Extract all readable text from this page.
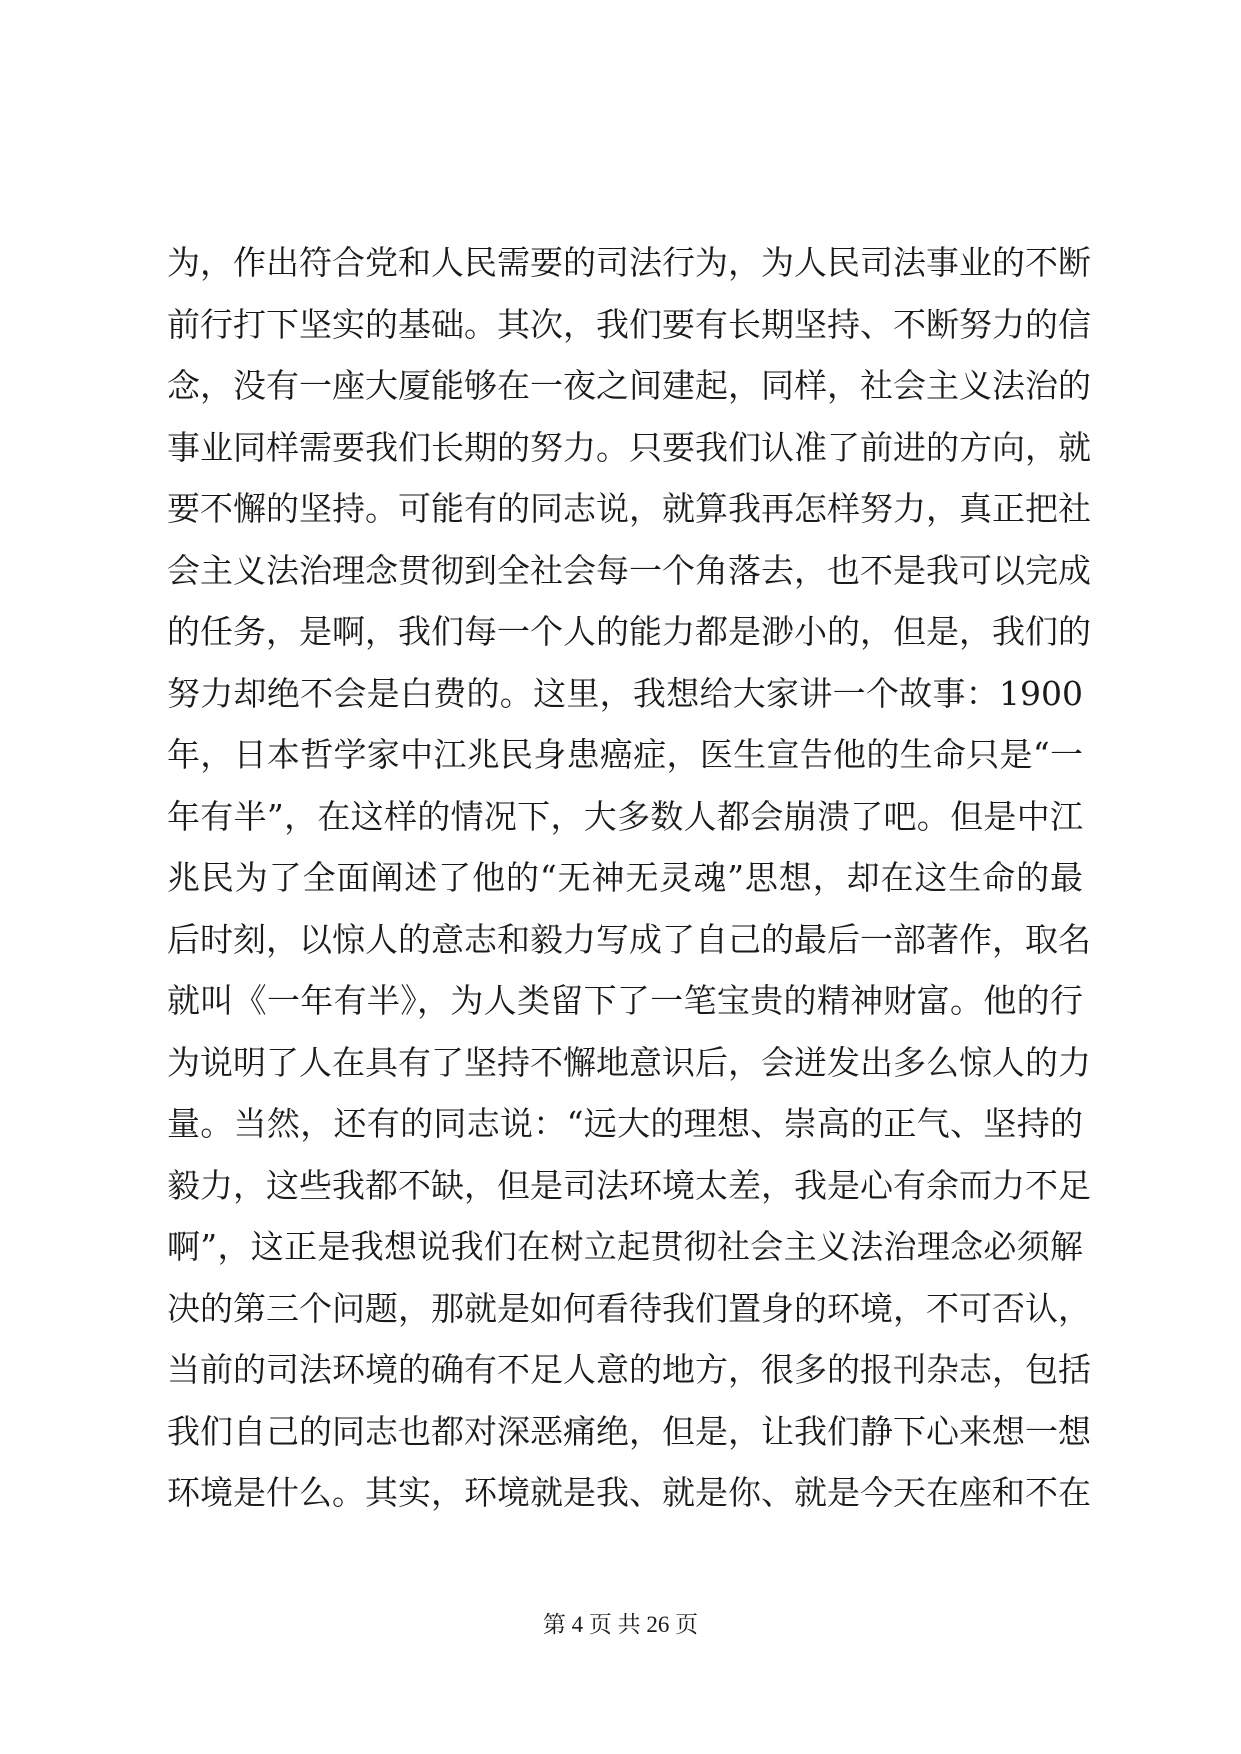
为，作出符合党和人民需要的司法行为，为人民司法事业的不断
前行打下坚实的基础。其次，我们要有长期坚持、不断努力的信
念，没有一座大厦能够在一夜之间建起，同样，社会主义法治的
事业同样需要我们长期的努力。只要我们认准了前进的方向，就
要不懈的坚持。可能有的同志说，就算我再怎样努力，真正把社
会主义法治理念贯彻到全社会每一个角落去，也不是我可以完成
的任务，是啊，我们每一个人的能力都是渺小的，但是，我们的
努力却绝不会是白费的。这里，我想给大家讲一个故事：1900
年，日本哲学家中江兆民身患癌症，医生宣告他的生命只是“一
年有半”，在这样的情况下，大多数人都会崩溃了吧。但是中江
兆民为了全面阐述了他的“无神无灵魂”思想，却在这生命的最
后时刻，以惊人的意志和毅力写成了自己的最后一部著作，取名
就叫《一年有半》，为人类留下了一笔宝贵的精神财富。他的行
为说明了人在具有了坚持不懈地意识后，会迸发出多么惊人的力
量。当然，还有的同志说：“远大的理想、崇高的正气、坚持的
毅力，这些我都不缺，但是司法环境太差，我是心有余而力不足
啊”，这正是我想说我们在树立起贯彻社会主义法治理念必须解
决的第三个问题，那就是如何看待我们置身的环境，不可否认，
当前的司法环境的确有不足人意的地方，很多的报刊杂志，包括
我们自己的同志也都对深恶痛绝，但是，让我们静下心来想一想
环境是什么。其实，环境就是我、就是你、就是今天在座和不在
第 4 页 共 26 页
